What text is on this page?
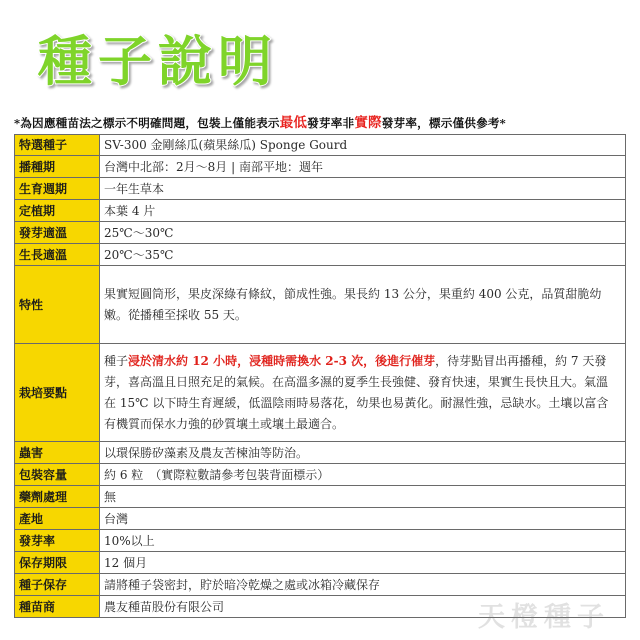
種子說明
*為因應種苗法之標示不明確問題，包裝上僅能表示最低發芽率非實際發芽率，標示僅供參考*
特選種子	SV-300 金剛絲瓜(蘋果絲瓜) Sponge Gourd
播種期	台灣中北部：2月～8月 | 南部平地：週年
生育週期	一年生草本
定植期	本葉 4 片
發芽適溫	25℃～30℃
生長適溫	20℃～35℃
特性	果實短圓筒形，果皮深綠有條紋，節成性強。果長約 13 公分，果重約 400 公克，品質甜脆幼嫩。從播種至採收 55 天。

栽培要點	種子浸於清水約 12 小時，浸種時需換水 2-3 次，後進行催芽，待芽點冒出再播種，約 7 天發芽，喜高溫且日照充足的氣候。在高溫多濕的夏季生長強健、發育快速，果實生長快且大。氣溫在 15℃ 以下時生育遲緩，低溫陰雨時易落花，幼果也易黃化。耐濕性強，忌缺水。土壤以富含有機質而保水力強的砂質壤土或壤土最適合。

蟲害	以環保勝矽藻素及農友苦楝油等防治。
包裝容量	約 6 粒　（實際粒數請參考包裝背面標示）
藥劑處理	無
產地	台灣
發芽率	10%以上
保存期限	12 個月
種子保存	請將種子袋密封，貯於暗冷乾燥之處或冰箱冷藏保存
種苗商	農友種苗股份有限公司	天橙種子
